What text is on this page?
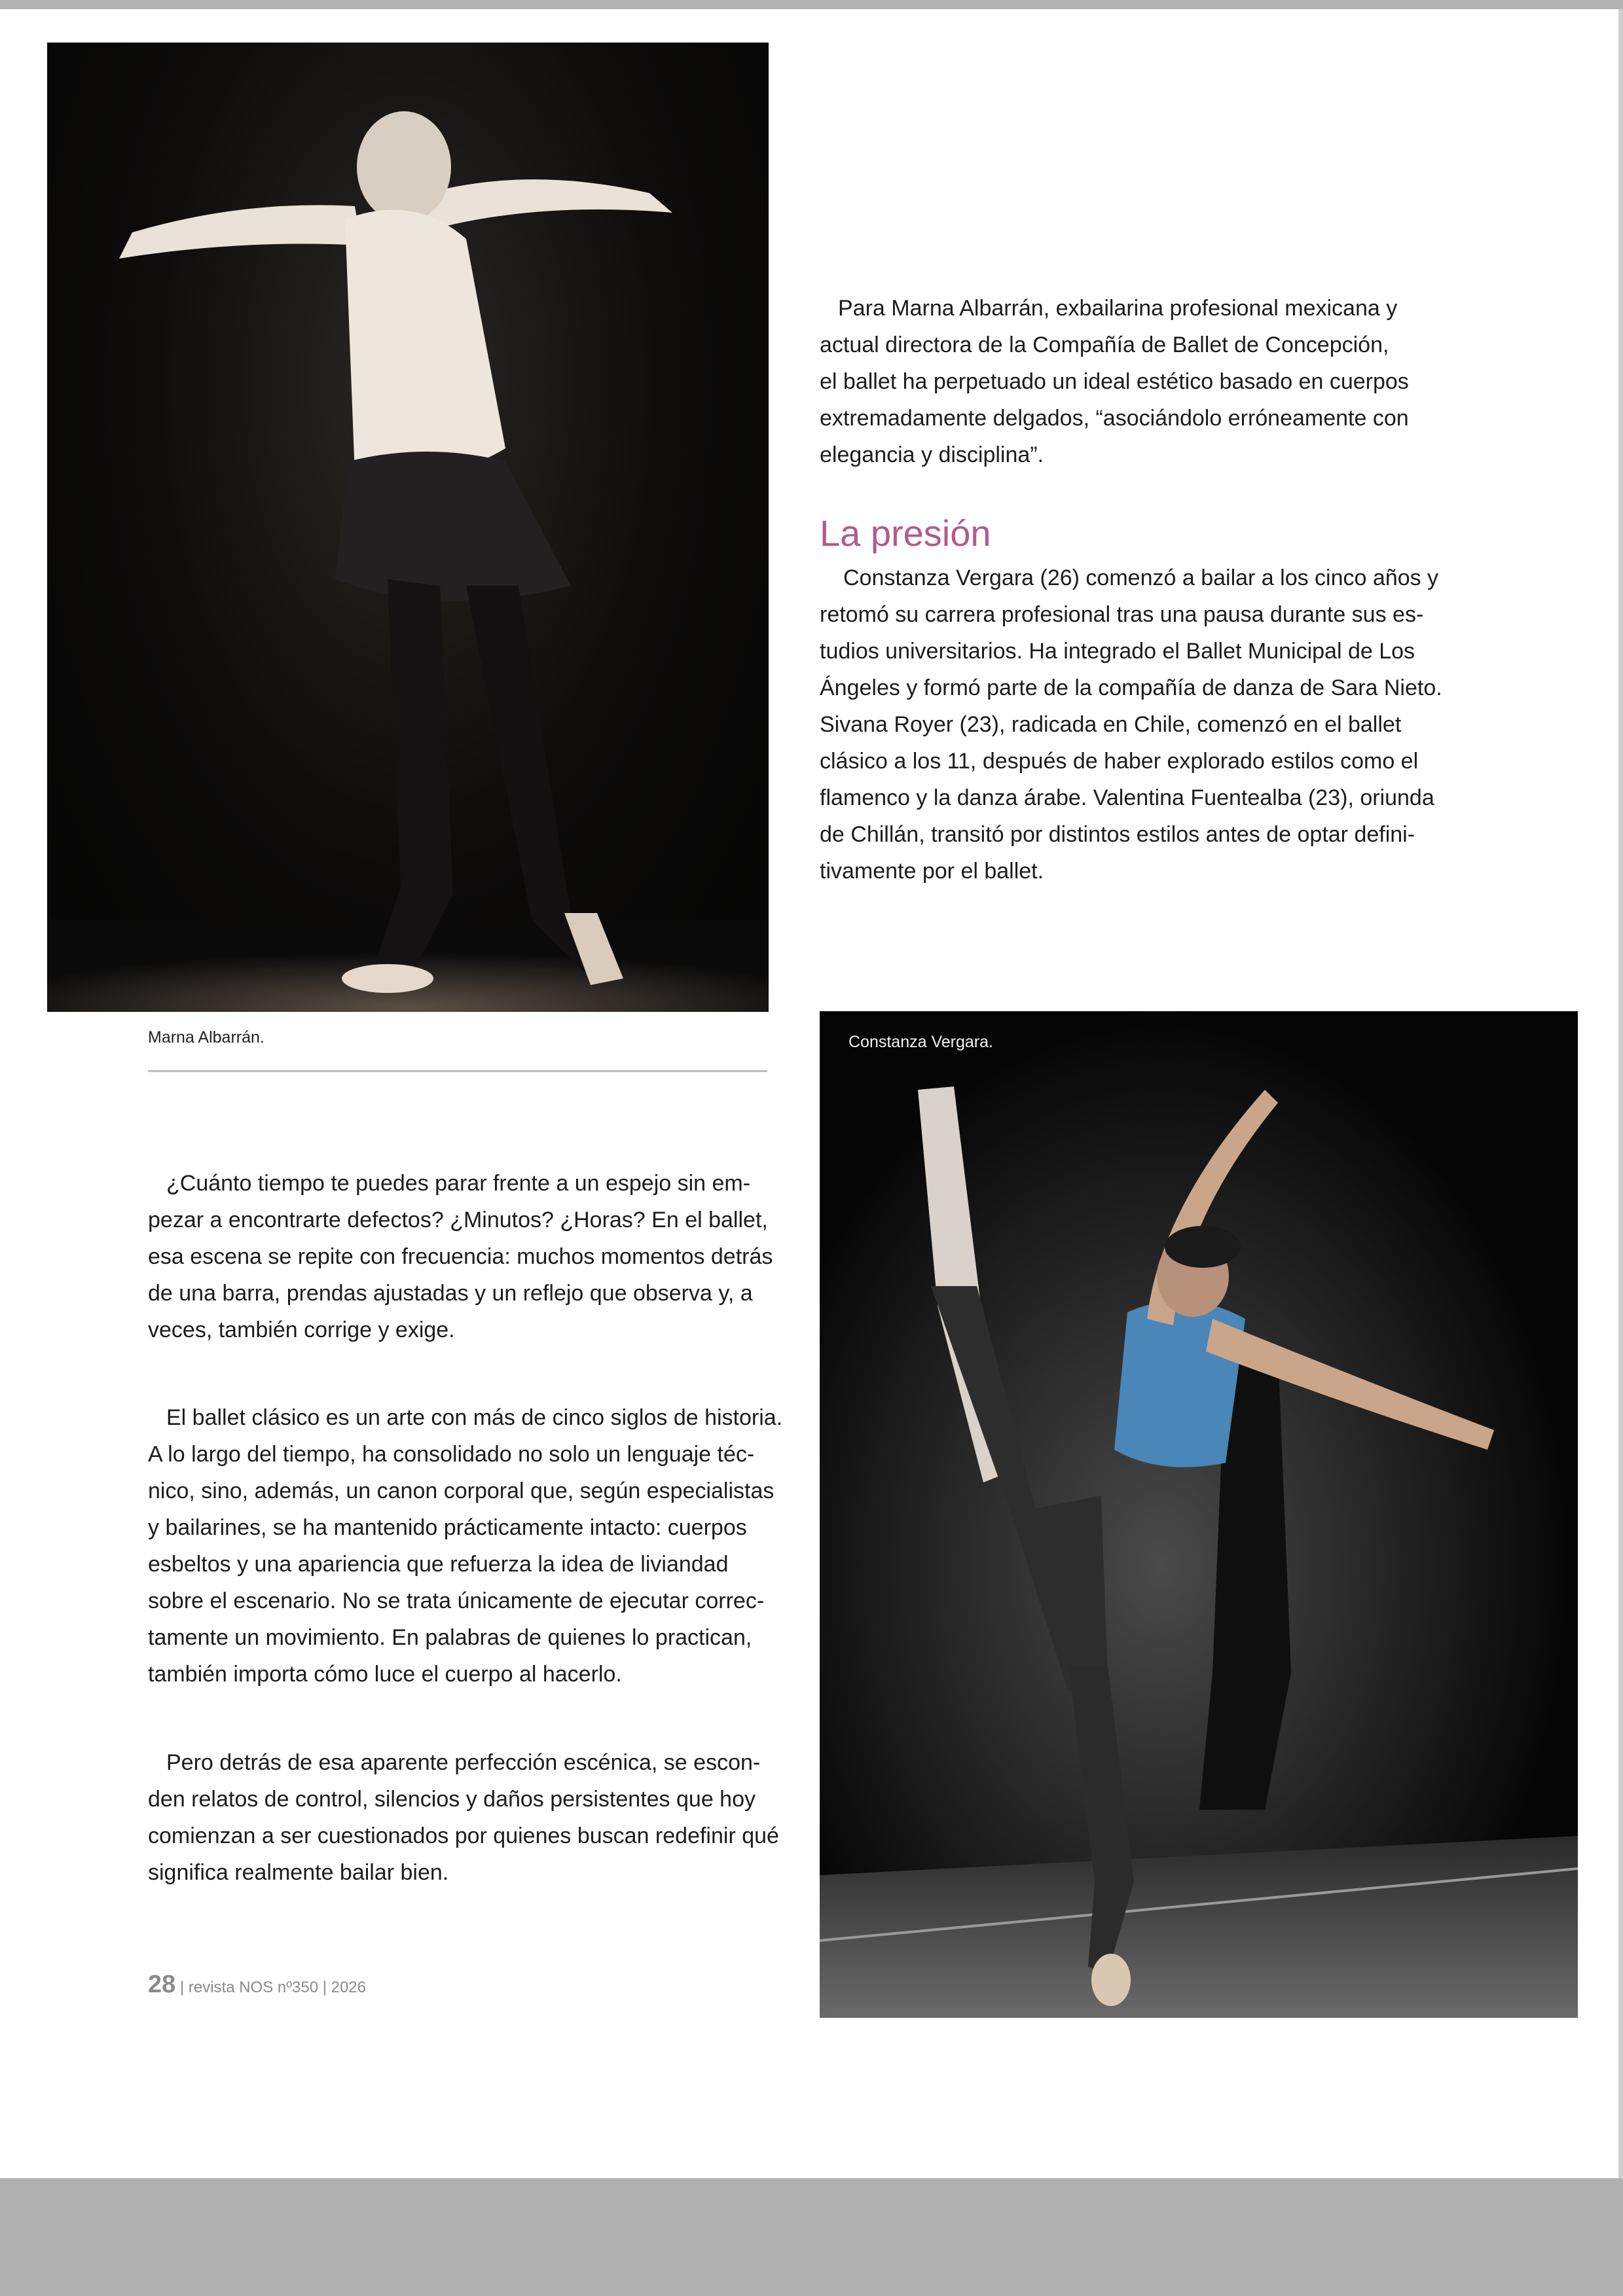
Marna Albarrán.

Para Marna Albarrán, exbailarina profesional mexicana y
actual directora de la Compañía de Ballet de Concepción,
el ballet ha perpetuado un ideal estético basado en cuerpos
extremadamente delgados, “asociándolo erróneamente con
elegancia y disciplina”.

La presión

Constanza Vergara (26) comenzó a bailar a los cinco años y
retomó su carrera profesional tras una pausa durante sus es-
tudios universitarios. Ha integrado el Ballet Municipal de Los
Ángeles y formó parte de la compañía de danza de Sara Nieto.
Sivana Royer (23), radicada en Chile, comenzó en el ballet
clásico a los 11, después de haber explorado estilos como el
flamenco y la danza árabe. Valentina Fuentealba (23), oriunda
de Chillán, transitó por distintos estilos antes de optar defini-
tivamente por el ballet.

Constanza Vergara.

¿Cuánto tiempo te puedes parar frente a un espejo sin em-
pezar a encontrarte defectos? ¿Minutos? ¿Horas? En el ballet,
esa escena se repite con frecuencia: muchos momentos detrás
de una barra, prendas ajustadas y un reflejo que observa y, a
veces, también corrige y exige.

El ballet clásico es un arte con más de cinco siglos de historia.
A lo largo del tiempo, ha consolidado no solo un lenguaje téc-
nico, sino, además, un canon corporal que, según especialistas
y bailarines, se ha mantenido prácticamente intacto: cuerpos
esbeltos y una apariencia que refuerza la idea de liviandad
sobre el escenario. No se trata únicamente de ejecutar correc-
tamente un movimiento. En palabras de quienes lo practican,
también importa cómo luce el cuerpo al hacerlo.

Pero detrás de esa aparente perfección escénica, se escon-
den relatos de control, silencios y daños persistentes que hoy
comienzan a ser cuestionados por quienes buscan redefinir qué
significa realmente bailar bien.

28 | revista NOS nº350 | 2026
